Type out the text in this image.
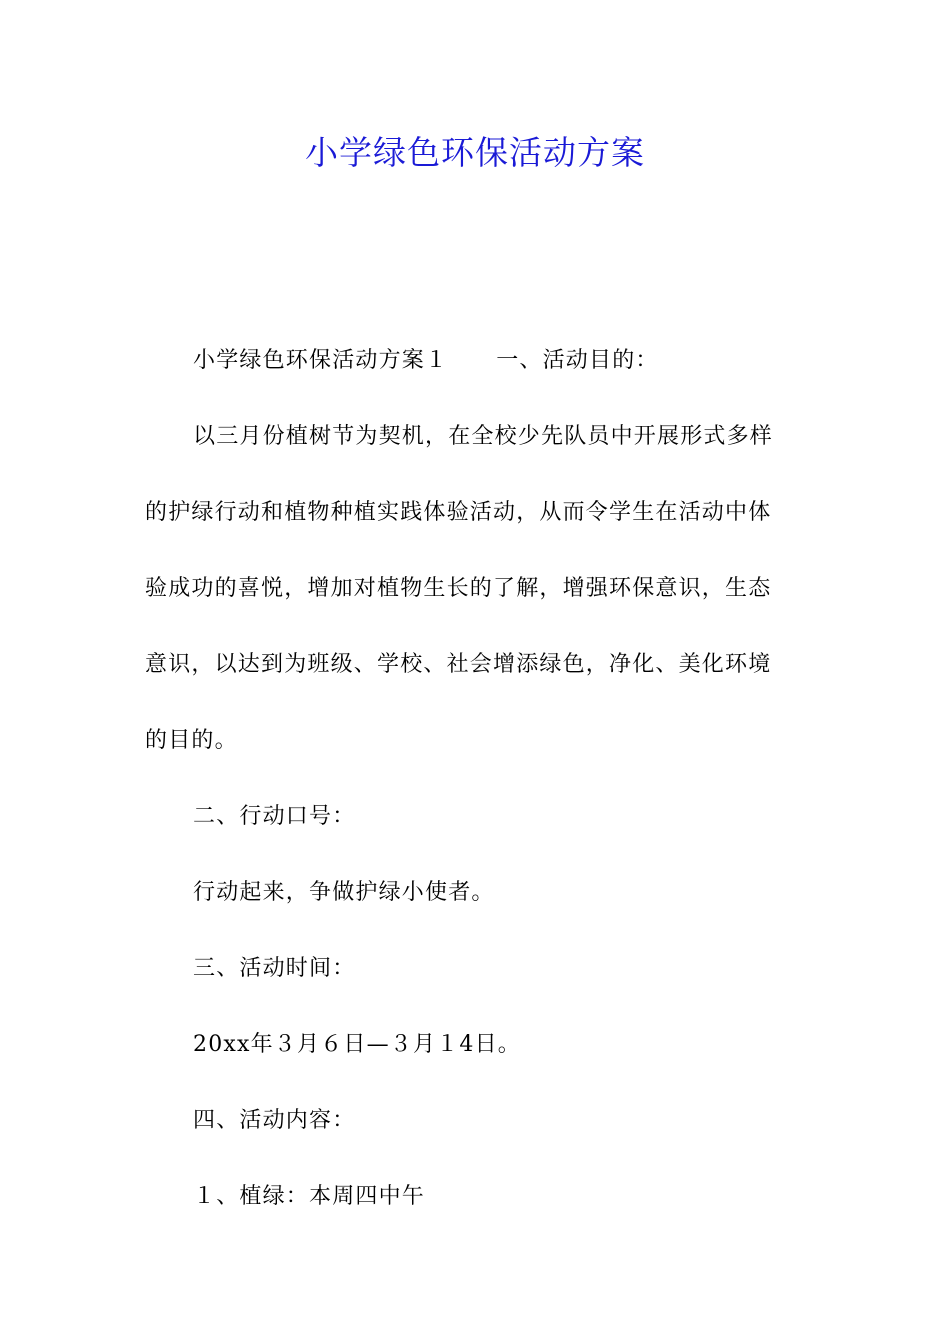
小学绿色环保活动方案
小学绿色环保活动方案１ 一、活动目的：
以三月份植树节为契机，在全校少先队员中开展形式多样
的护绿行动和植物种植实践体验活动，从而令学生在活动中体
验成功的喜悦，增加对植物生长的了解，增强环保意识，生态
意识，以达到为班级、学校、社会增添绿色，净化、美化环境
的目的。
二、行动口号：
行动起来，争做护绿小使者。
三、活动时间：
20xx年３月６日—３月１4日。
四、活动内容：
１、植绿：本周四中午
